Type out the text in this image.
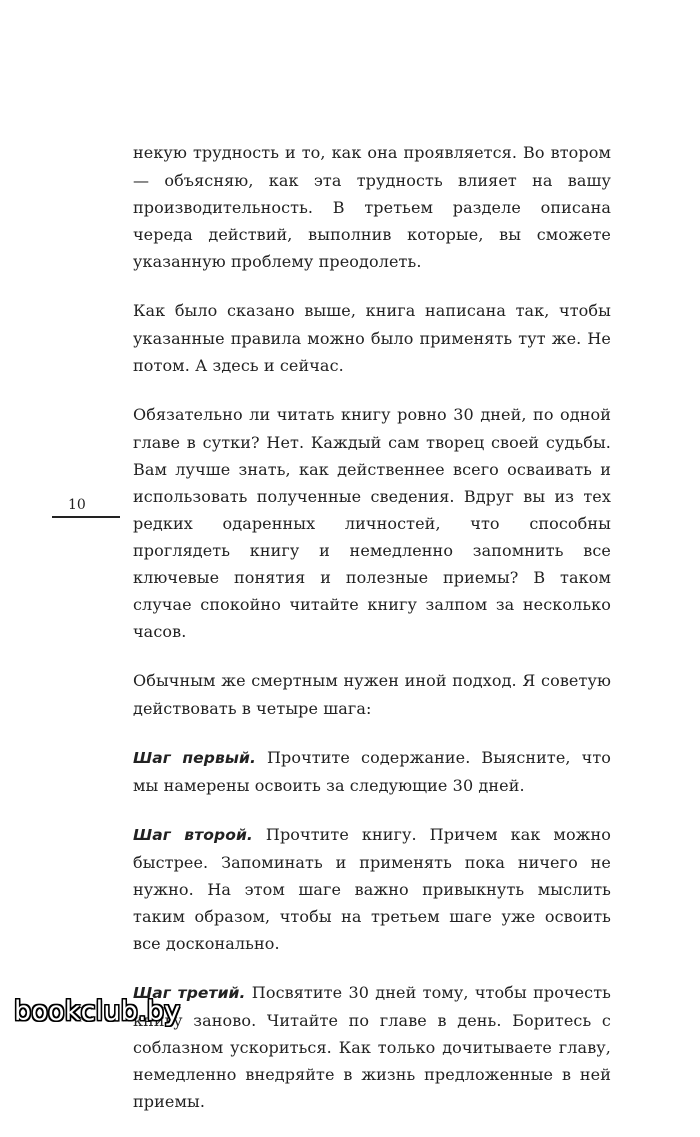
некую трудность и то, как она проявляется. Во втором — объясняю, как эта трудность влияет на вашу производительность. В третьем разделе описана череда действий, выполнив которые, вы сможете указанную проблему преодолеть.

Как было сказано выше, книга написана так, чтобы указанные правила можно было применять тут же. Не потом. А здесь и сейчас.

Обязательно ли читать книгу ровно 30 дней, по одной главе в сутки? Нет. Каждый сам творец своей судьбы. Вам лучше знать, как действеннее всего осваивать и использовать полученные сведения. Вдруг вы из тех редких одаренных личностей, что способны проглядеть книгу и немедленно запомнить все ключевые понятия и полезные приемы? В таком случае спокойно читайте книгу залпом за несколько часов.

Обычным же смертным нужен иной подход. Я советую действовать в четыре шага:

Шаг первый. Прочтите содержание. Выясните, что мы намерены освоить за следующие 30 дней.

Шаг второй. Прочтите книгу. Причем как можно быстрее. Запоминать и применять пока ничего не нужно. На этом шаге важно привыкнуть мыслить таким образом, чтобы на третьем шаге уже освоить все досконально.

Шаг третий. Посвятите 30 дней тому, чтобы прочесть книгу заново. Читайте по главе в день. Боритесь с соблазном ускориться. Как только дочитываете главу, немедленно внедряйте в жизнь предложенные в ней приемы.

10
bookclub.by
